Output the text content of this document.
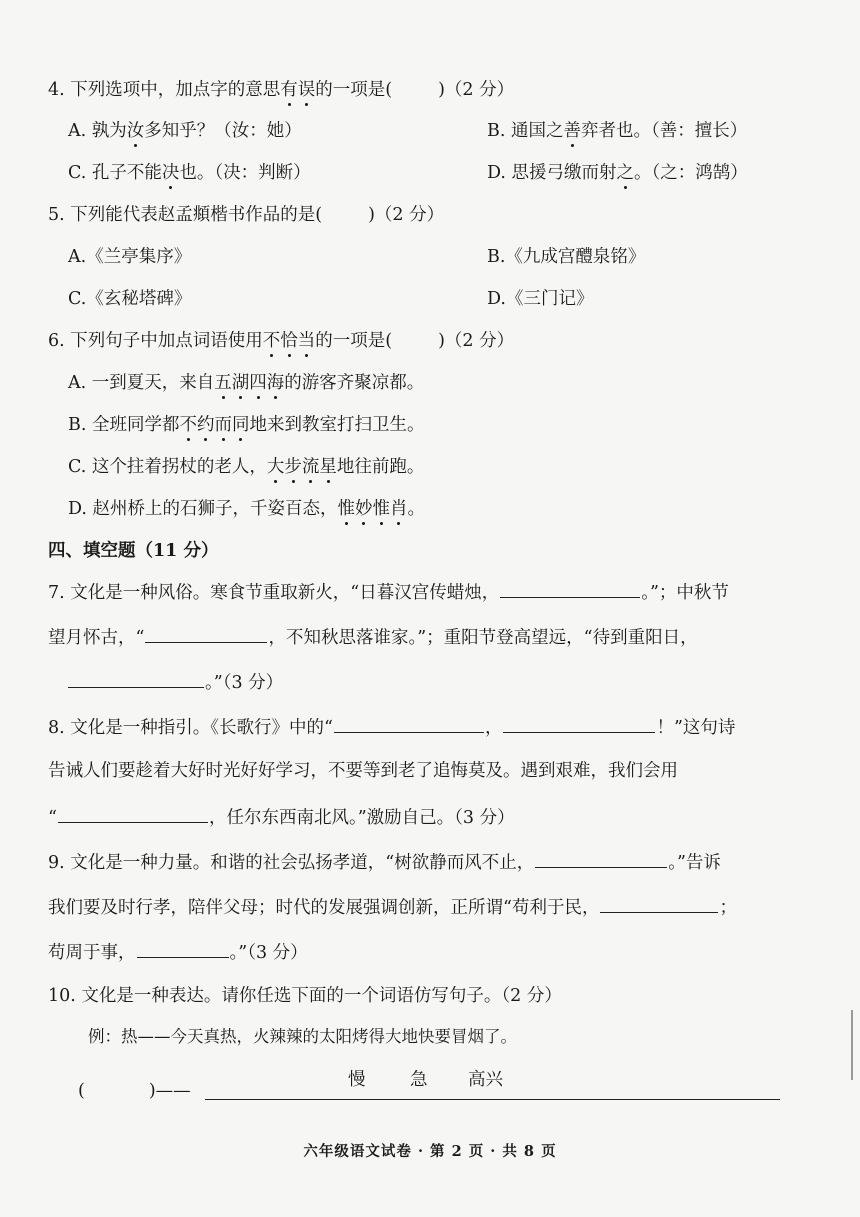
4. 下列选项中，加点字的意思有误的一项是(	)（2 分）
A. 孰为汝多知乎？（汝：她）	B. 通国之善弈者也。（善：擅长）
C. 孔子不能决也。（决：判断）	D. 思援弓缴而射之。（之：鸿鹄）
5. 下列能代表赵孟頫楷书作品的是(	)（2 分）
A.《兰亭集序》	B.《九成宫醴泉铭》
C.《玄秘塔碑》	D.《三门记》
6. 下列句子中加点词语使用不恰当的一项是(	)（2 分）
A. 一到夏天，来自五湖四海的游客齐聚凉都。
B. 全班同学都不约而同地来到教室打扫卫生。
C. 这个拄着拐杖的老人，大步流星地往前跑。
D. 赵州桥上的石狮子，千姿百态，惟妙惟肖。
四、填空题（11 分）
7. 文化是一种风俗。寒食节重取新火，“日暮汉宫传蜡烛，	。”；中秋节
望月怀古，“	，不知秋思落谁家。”；重阳节登高望远，“待到重阳日，
。”（3 分）
8. 文化是一种指引。《长歌行》中的“	，	！”这句诗
告诫人们要趁着大好时光好好学习，不要等到老了追悔莫及。遇到艰难，我们会用
“	，任尔东西南北风。”激励自己。（3 分）
9. 文化是一种力量。和谐的社会弘扬孝道，“树欲静而风不止，	。”告诉
我们要及时行孝，陪伴父母；时代的发展强调创新，正所谓“苟利于民，	；
苟周于事，	。”（3 分）
10. 文化是一种表达。请你任选下面的一个词语仿写句子。（2 分）
例：热——今天真热，火辣辣的太阳烤得大地快要冒烟了。
慢	急 高兴
(	)——
六年级语文试卷 · 第 2 页 · 共 8 页
